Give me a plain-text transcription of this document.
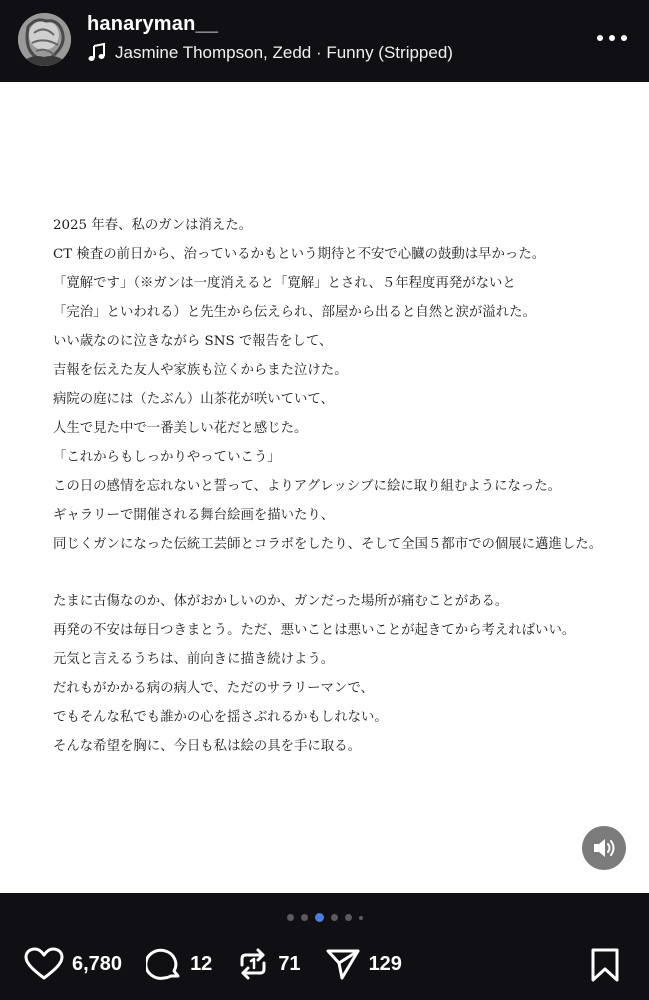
hanaryman__
Jasmine Thompson, Zedd · Funny (Stripped)
2025 年春、私のガンは消えた。
CT 検査の前日から、治っているかもという期待と不安で心臓の鼓動は早かった。
「寛解です」（※ガンは一度消えると「寛解」とされ、５年程度再発がないと
「完治」といわれる）と先生から伝えられ、部屋から出ると自然と涙が溢れた。
いい歳なのに泣きながら SNS で報告をして、
吉報を伝えた友人や家族も泣くからまた泣けた。
病院の庭には（たぶん）山茶花が咲いていて、
人生で見た中で一番美しい花だと感じた。
「これからもしっかりやっていこう」
この日の感情を忘れないと誓って、よりアグレッシブに絵に取り組むようになった。
ギャラリーで開催される舞台絵画を描いたり、
同じくガンになった伝統工芸師とコラボをしたり、そして全国５都市での個展に邁進した。
たまに古傷なのか、体がおかしいのか、ガンだった場所が痛むことがある。
再発の不安は毎日つきまとう。ただ、悪いことは悪いことが起きてから考えればいい。
元気と言えるうちは、前向きに描き続けよう。
だれもがかかる病の病人で、ただのサラリーマンで、
でもそんな私でも誰かの心を揺さぶれるかもしれない。
そんな希望を胸に、今日も私は絵の具を手に取る。
6,780	12	71	129
